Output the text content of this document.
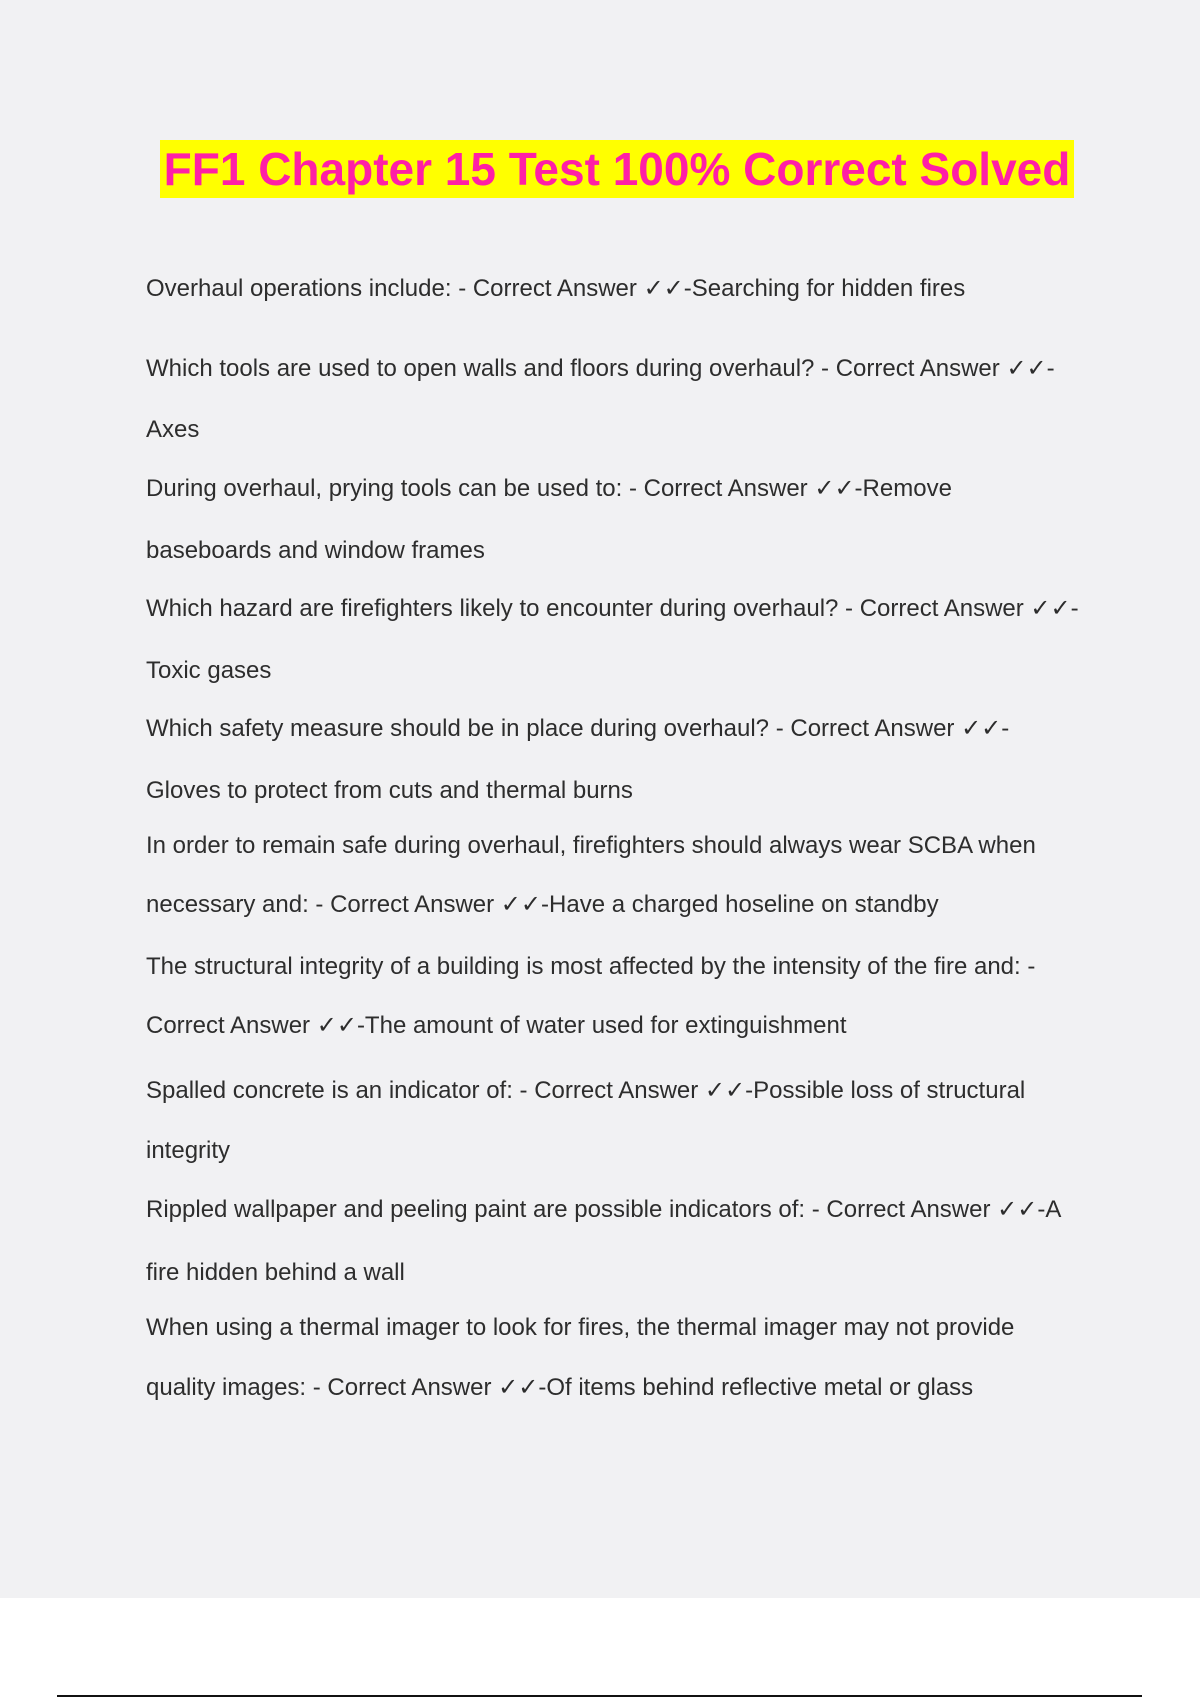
FF1 Chapter 15 Test 100% Correct Solved
Overhaul operations include: - Correct Answer ✓✓-Searching for hidden fires
Which tools are used to open walls and floors during overhaul? - Correct Answer ✓✓-
Axes
During overhaul, prying tools can be used to: - Correct Answer ✓✓-Remove
baseboards and window frames
Which hazard are firefighters likely to encounter during overhaul? - Correct Answer ✓✓-
Toxic gases
Which safety measure should be in place during overhaul? - Correct Answer ✓✓-
Gloves to protect from cuts and thermal burns
In order to remain safe during overhaul, firefighters should always wear SCBA when
necessary and: - Correct Answer ✓✓-Have a charged hoseline on standby
The structural integrity of a building is most affected by the intensity of the fire and: -
Correct Answer ✓✓-The amount of water used for extinguishment
Spalled concrete is an indicator of: - Correct Answer ✓✓-Possible loss of structural
integrity
Rippled wallpaper and peeling paint are possible indicators of: - Correct Answer ✓✓-A
fire hidden behind a wall
When using a thermal imager to look for fires, the thermal imager may not provide
quality images: - Correct Answer ✓✓-Of items behind reflective metal or glass
